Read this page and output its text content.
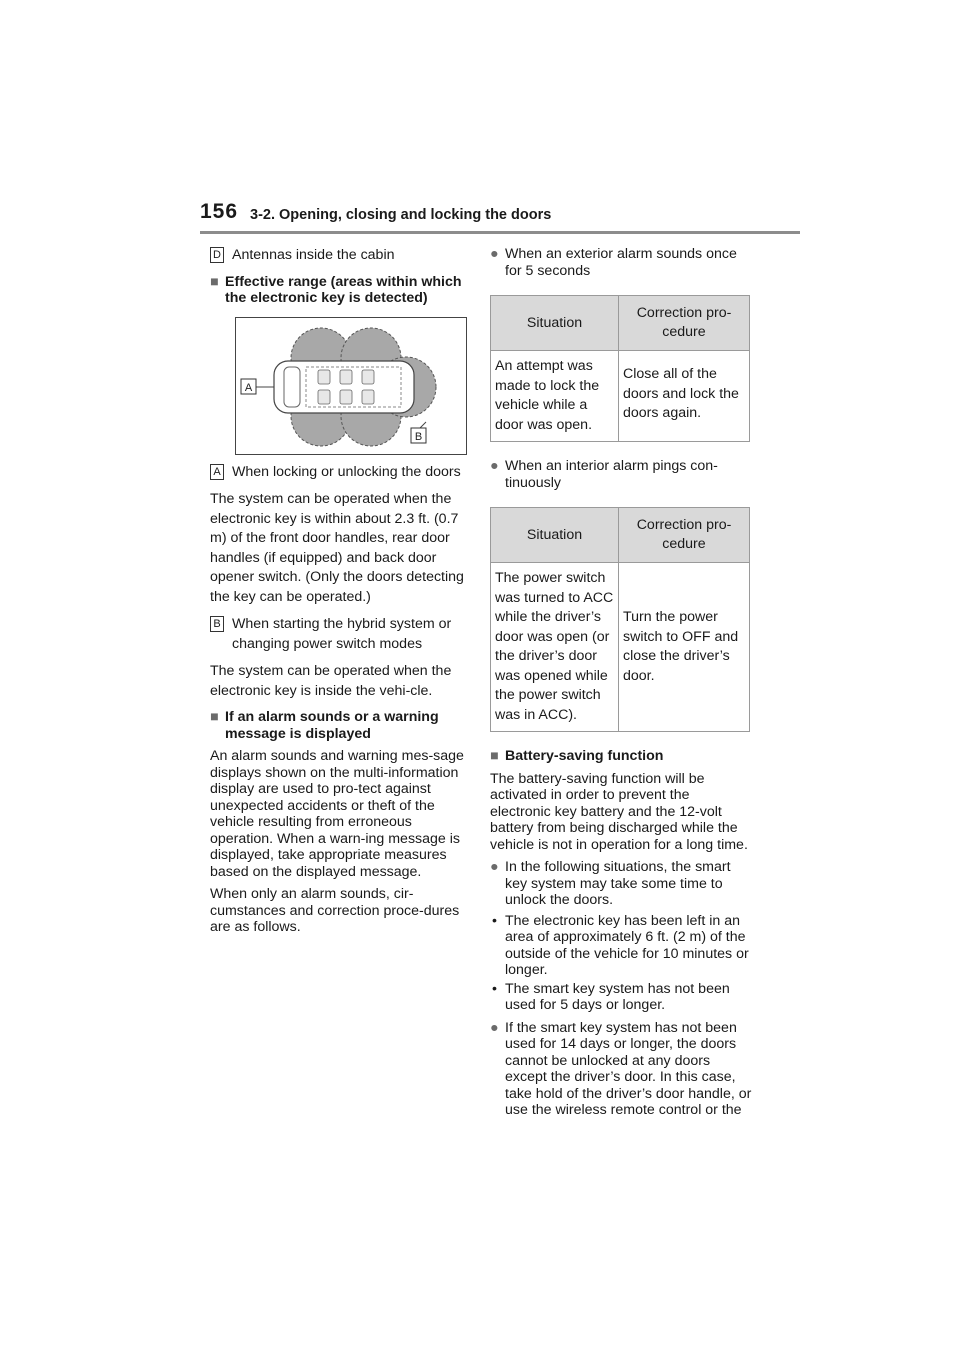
156 3-2. Opening, closing and locking the doors
D Antennas inside the cabin
■ Effective range (areas within which the electronic key is detected)
A
B
A When locking or unlocking the doors
The system can be operated when the electronic key is within about 2.3 ft. (0.7 m) of the front door handles, rear door handles (if equipped) and back door opener switch. (Only the doors detecting the key can be operated.)
B When starting the hybrid system or changing power switch modes
The system can be operated when the electronic key is inside the vehi-cle.
■ If an alarm sounds or a warning message is displayed
An alarm sounds and warning mes-sage displays shown on the multi-information display are used to pro-tect against unexpected accidents or theft of the vehicle resulting from erroneous operation. When a warn-ing message is displayed, take appropriate measures based on the displayed message.
When only an alarm sounds, cir-cumstances and correction proce-dures are as follows.
● When an exterior alarm sounds once for 5 seconds
Situation	Correction pro-cedure
An attempt was made to lock the vehicle while a door was open.	Close all of the doors and lock the doors again.
● When an interior alarm pings con-tinuously
Situation	Correction pro-cedure
The power switch was turned to ACC while the driver’s door was open (or the driver’s door was opened while the power switch was in ACC).	Turn the power switch to OFF and close the driver’s door.
■ Battery-saving function
The battery-saving function will be activated in order to prevent the electronic key battery and the 12-volt battery from being discharged while the vehicle is not in operation for a long time.
● In the following situations, the smart key system may take some time to unlock the doors.
• The electronic key has been left in an area of approximately 6 ft. (2 m) of the outside of the vehicle for 10 minutes or longer.
• The smart key system has not been used for 5 days or longer.
● If the smart key system has not been used for 14 days or longer, the doors cannot be unlocked at any doors except the driver’s door. In this case, take hold of the driver’s door handle, or use the wireless remote control or the
